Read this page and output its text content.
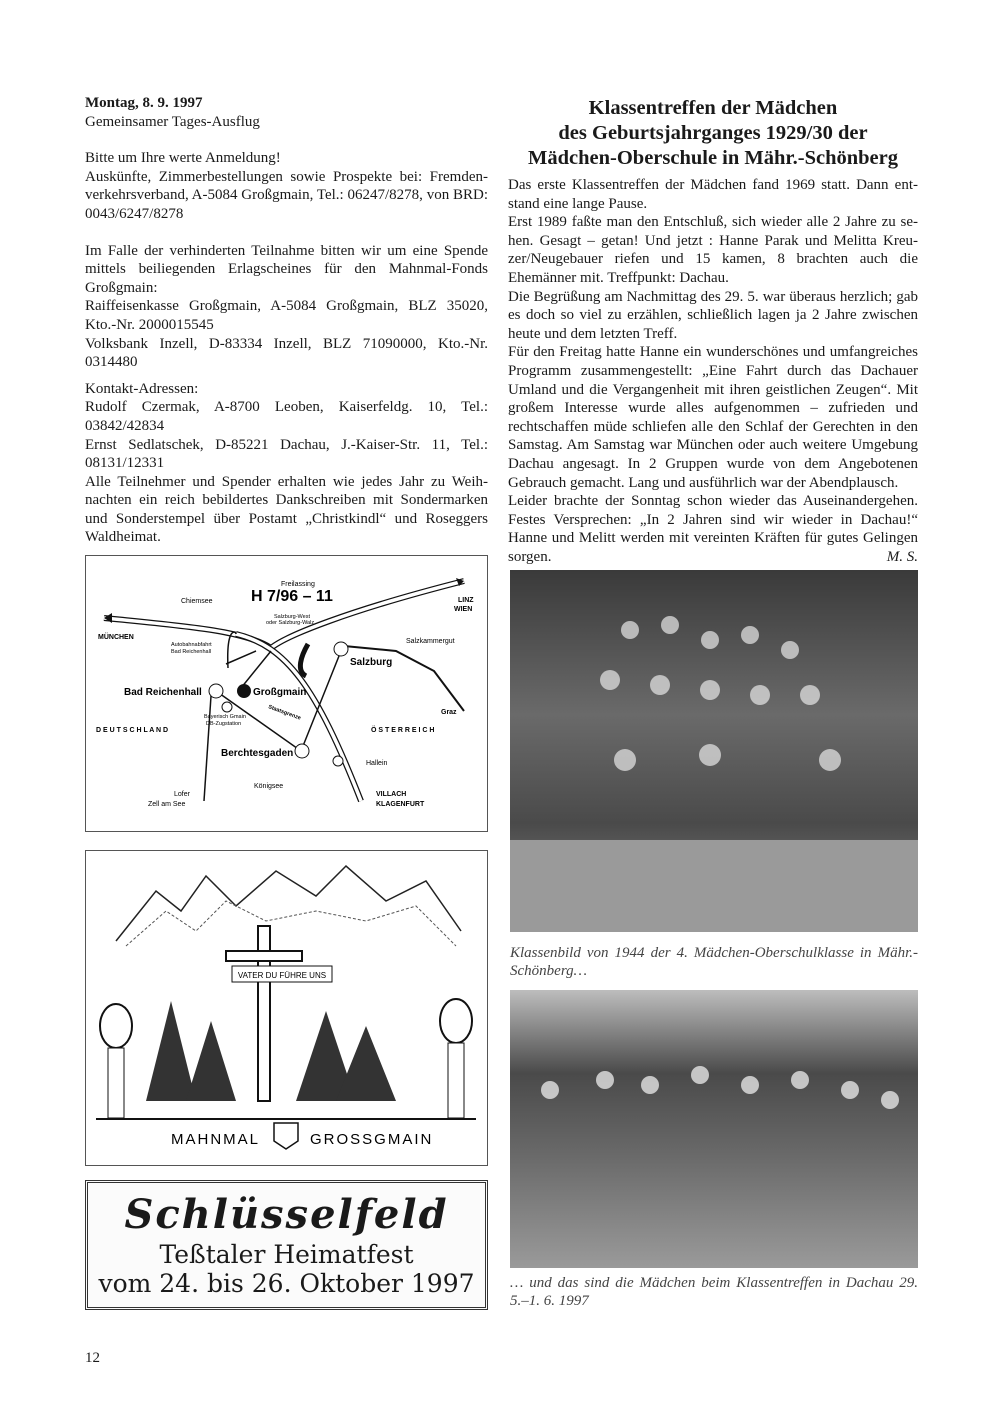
Montag, 8. 9. 1997

Gemeinsamer Tages-Ausflug

Bitte um Ihre werte Anmeldung!

Auskünfte, Zimmerbestellungen sowie Prospekte bei: Fremdenverkehrsverband, A-5084 Großgmain, Tel.: 06247/8278, von BRD: 0043/6247/8278

Im Falle der verhinderten Teilnahme bitten wir um eine Spende mittels beiliegenden Erlagscheines für den Mahnmal-Fonds Großgmain:

Raiffeisenkasse Großgmain, A-5084 Großgmain, BLZ 35020, Kto.-Nr. 2000015545

Volksbank Inzell, D-83334 Inzell, BLZ 71090000, Kto.-Nr. 0314480

Kontakt-Adressen:

Rudolf Czermak, A-8700 Leoben, Kaiserfeldg. 10, Tel.: 03842/42834

Ernst Sedlatschek, D-85221 Dachau, J.-Kaiser-Str. 11, Tel.: 08131/12331

Alle Teilnehmer und Spender erhalten wie jedes Jahr zu Weihnachten ein reich bebildertes Dankschreiben mit Sondermarken und Sonderstempel über Postamt „Christkindl“ und Roseggers Waldheimat.

Freilassing
H 7/96 – 11
Chiemsee
Salzburg-West
oder Salzburg-Walz
LINZ
WIEN
MÜNCHEN
Autobahnabfahrt
Bad Reichenhall
Salzkammergut
Salzburg
Bad Reichenhall	Großgmain
Staatsgrenze
Bayerisch Gmain
DB-Zugstation
Graz
D E U T S C H L A N D	Ö S T E R R E I C H
Berchtesgaden
Hallein
Königsee
Lofer
Zell am See
VILLACH
KLAGENFURT
VATER DU FÜHRE UNS
MAHNMAL	GROSSGMAIN
Schlüsselfeld
Teßtaler Heimatfest
vom 24. bis 26. Oktober 1997
Klassentreffen der Mädchen
des Geburtsjahrganges 1929/30 der
Mädchen-Oberschule in Mähr.-Schönberg

Das erste Klassentreffen der Mädchen fand 1969 statt. Dann entstand eine lange Pause.

Erst 1989 faßte man den Entschluß, sich wieder alle 2 Jahre zu sehen. Gesagt – getan! Und jetzt : Hanne Parak und Melitta Kreuzer/Neugebauer riefen und 15 kamen, 8 brachten auch die Ehemänner mit. Treffpunkt: Dachau.

Die Begrüßung am Nachmittag des 29. 5. war überaus herzlich; gab es doch so viel zu erzählen, schließlich lagen ja 2 Jahre zwischen heute und dem letzten Treff.

Für den Freitag hatte Hanne ein wunderschönes und umfangreiches Programm zusammengestellt: „Eine Fahrt durch das Dachauer Umland und die Vergangenheit mit ihren geistlichen Zeugen“. Mit großem Interesse wurde alles aufgenommen – zufrieden und rechtschaffen müde schliefen alle den Schlaf der Gerechten in den Samstag. Am Samstag war München oder auch weitere Umgebung Dachau angesagt. In 2 Gruppen wurde von dem Angebotenen Gebrauch gemacht. Lang und ausführlich war der Abendplausch.

Leider brachte der Sonntag schon wieder das Auseinandergehen. Festes Versprechen: „In 2 Jahren sind wir wieder in Dachau!“ Hanne und Melitt werden mit vereinten Kräften für gutes Gelingen sorgen.	M. S.

Klassenbild von 1944 der 4. Mädchen-Oberschulklasse in Mähr.-Schönberg…
… und das sind die Mädchen beim Klassentreffen in Dachau 29. 5.–1. 6. 1997
12
